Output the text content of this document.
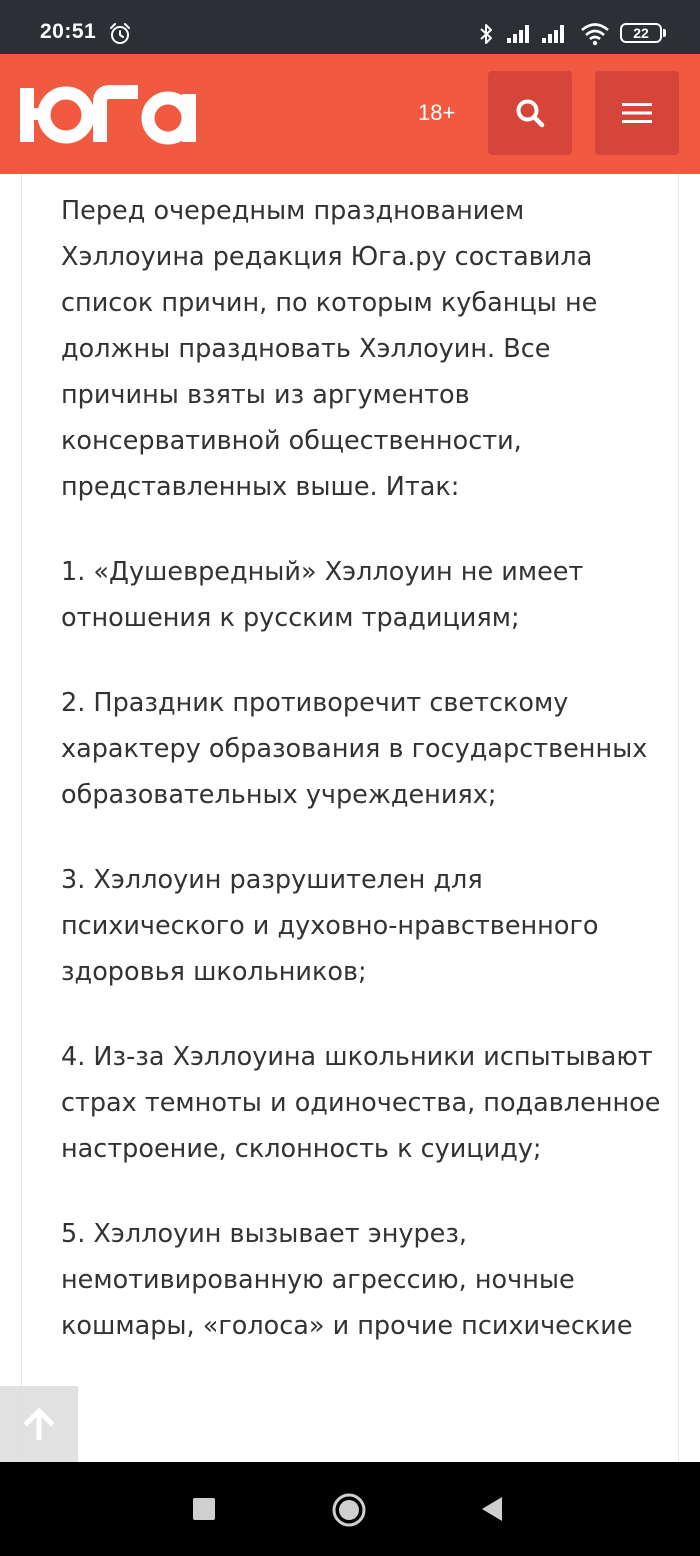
20:51	22
18+

Перед очередным празднованием Хэллоуина редакция Юга.ру составила список причин, по которым кубанцы не должны праздновать Хэллоуин. Все причины взяты из аргументов консервативной общественности, представленных выше. Итак:

1. «Душевредный» Хэллоуин не имеет отношения к русским традициям;

2. Праздник противоречит светскому характеру образования в государственных образовательных учреждениях;

3. Хэллоуин разрушителен для психического и духовно-нравственного здоровья школьников;

4. Из-за Хэллоуина школьники испытывают страх темноты и одиночества, подавленное настроение, склонность к суициду;

5. Хэллоуин вызывает энурез, немотивированную агрессию, ночные кошмары, «голоса» и прочие психические
